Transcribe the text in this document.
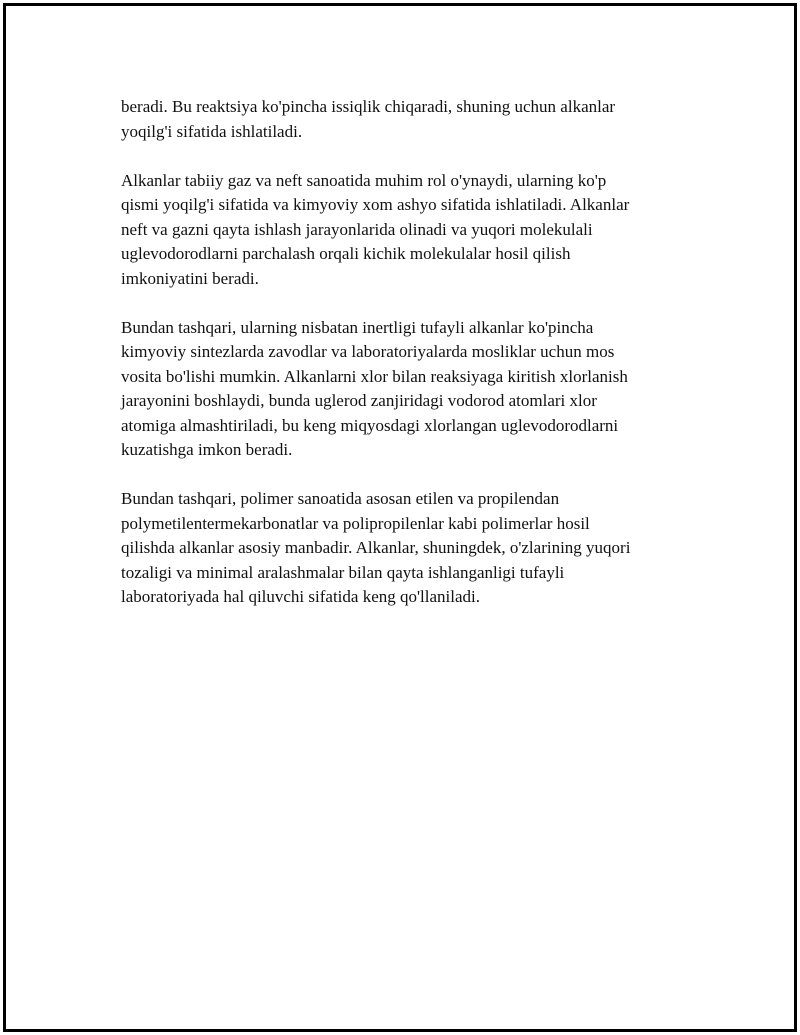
beradi. Bu reaktsiya ko'pincha issiqlik chiqaradi, shuning uchun alkanlar
yoqilg'i sifatida ishlatiladi.

Alkanlar tabiiy gaz va neft sanoatida muhim rol o'ynaydi, ularning ko'p
qismi yoqilg'i sifatida va kimyoviy xom ashyo sifatida ishlatiladi. Alkanlar
neft va gazni qayta ishlash jarayonlarida olinadi va yuqori molekulali
uglevodorodlarni parchalash orqali kichik molekulalar hosil qilish
imkoniyatini beradi.

Bundan tashqari, ularning nisbatan inertligi tufayli alkanlar ko'pincha
kimyoviy sintezlarda zavodlar va laboratoriyalarda mosliklar uchun mos
vosita bo'lishi mumkin. Alkanlarni xlor bilan reaksiyaga kiritish xlorlanish
jarayonini boshlaydi, bunda uglerod zanjiridagi vodorod atomlari xlor
atomiga almashtiriladi, bu keng miqyosdagi xlorlangan uglevodorodlarni
kuzatishga imkon beradi.

Bundan tashqari, polimer sanoatida asosan etilen va propilendan
polymetilentermekarbonatlar va polipropilenlar kabi polimerlar hosil
qilishda alkanlar asosiy manbadir. Alkanlar, shuningdek, o'zlarining yuqori
tozaligi va minimal aralashmalar bilan qayta ishlanganligi tufayli
laboratoriyada hal qiluvchi sifatida keng qo'llaniladi.
